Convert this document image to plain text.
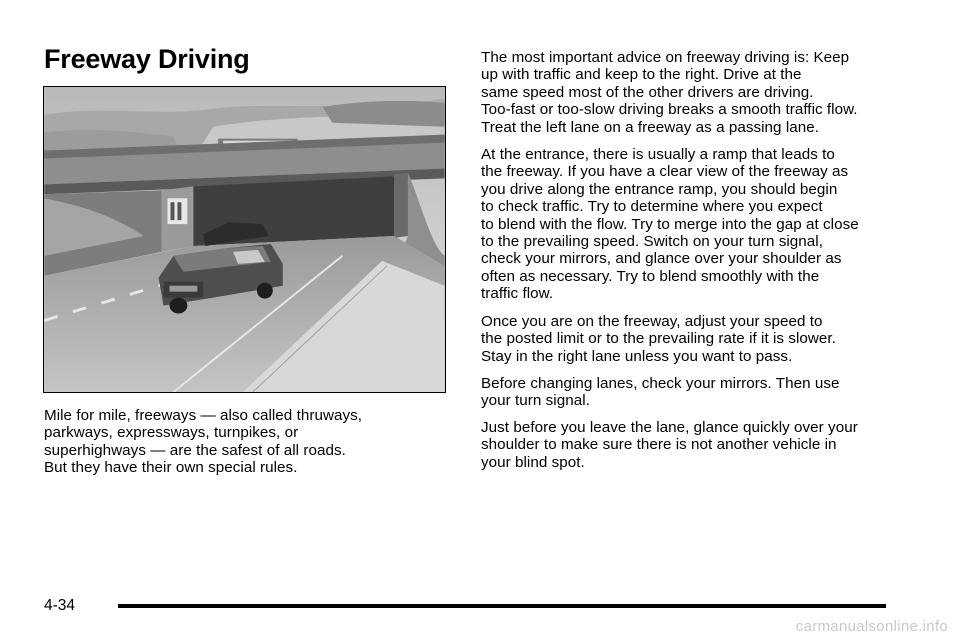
Freeway Driving

Mile for mile, freeways — also called thruways,
parkways, expressways, turnpikes, or
superhighways — are the safest of all roads.
But they have their own special rules.

The most important advice on freeway driving is: Keep
up with traffic and keep to the right. Drive at the
same speed most of the other drivers are driving.
Too-fast or too-slow driving breaks a smooth traffic flow.
Treat the left lane on a freeway as a passing lane.

At the entrance, there is usually a ramp that leads to
the freeway. If you have a clear view of the freeway as
you drive along the entrance ramp, you should begin
to check traffic. Try to determine where you expect
to blend with the flow. Try to merge into the gap at close
to the prevailing speed. Switch on your turn signal,
check your mirrors, and glance over your shoulder as
often as necessary. Try to blend smoothly with the
traffic flow.

Once you are on the freeway, adjust your speed to
the posted limit or to the prevailing rate if it is slower.
Stay in the right lane unless you want to pass.

Before changing lanes, check your mirrors. Then use
your turn signal.

Just before you leave the lane, glance quickly over your
shoulder to make sure there is not another vehicle in
your blind spot.

4-34
carmanualsonline.info
